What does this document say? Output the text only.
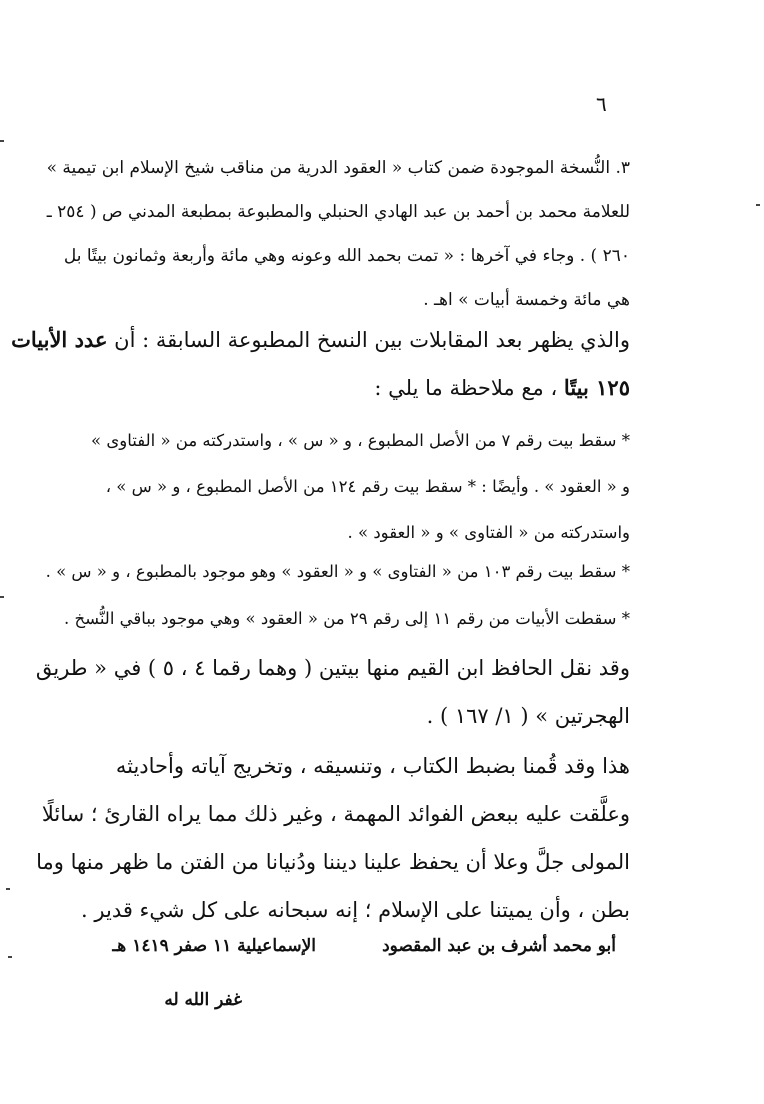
٦
٣. النُّسخة الموجودة ضمن كتاب « العقود الدرية من مناقب شيخ الإسلام ابن تيمية »
للعلامة محمد بن أحمد بن عبد الهادي الحنبلي والمطبوعة بمطبعة المدني ص ( ٢٥٤ ـ
٢٦٠ ) . وجاء في آخرها : « تمت بحمد الله وعونه وهي مائة وأربعة وثمانون بيتًا بل
هي مائة وخمسة أبيات » اهـ .
والذي يظهر بعد المقابلات بين النسخ المطبوعة السابقة : أن عدد الأبيات
١٢٥ بيتًا ، مع ملاحظة ما يلي :
* سقط بيت رقم ٧ من الأصل المطبوع ، و « س » ، واستدركته من « الفتاوى »
و « العقود » . وأيضًا : * سقط بيت رقم ١٢٤ من الأصل المطبوع ، و « س » ،
واستدركته من « الفتاوى » و « العقود » .
* سقط بيت رقم ١٠٣ من « الفتاوى » و « العقود » وهو موجود بالمطبوع ، و « س » .
* سقطت الأبيات من رقم ١١ إلى رقم ٢٩ من « العقود » وهي موجود بباقي النُّسخ .
وقد نقل الحافظ ابن القيم منها بيتين ( وهما رقما ٤ ، ٥ ) في « طريق
الهجرتين » ( ١/ ١٦٧ ) .
هذا وقد قُمنا بضبط الكتاب ، وتنسيقه ، وتخريج آياته وأحاديثه
وعلَّقت عليه ببعض الفوائد المهمة ، وغير ذلك مما يراه القارئ ؛ سائلًا
المولى جلَّ وعلا أن يحفظ علينا ديننا ودُنيانا من الفتن ما ظهر منها وما
بطن ، وأن يميتنا على الإسلام ؛ إنه سبحانه على كل شيء قدير .
أبو محمد أشرف بن عبد المقصود
الإسماعيلية ١١ صفر ١٤١٩ هـ
غفر الله له
